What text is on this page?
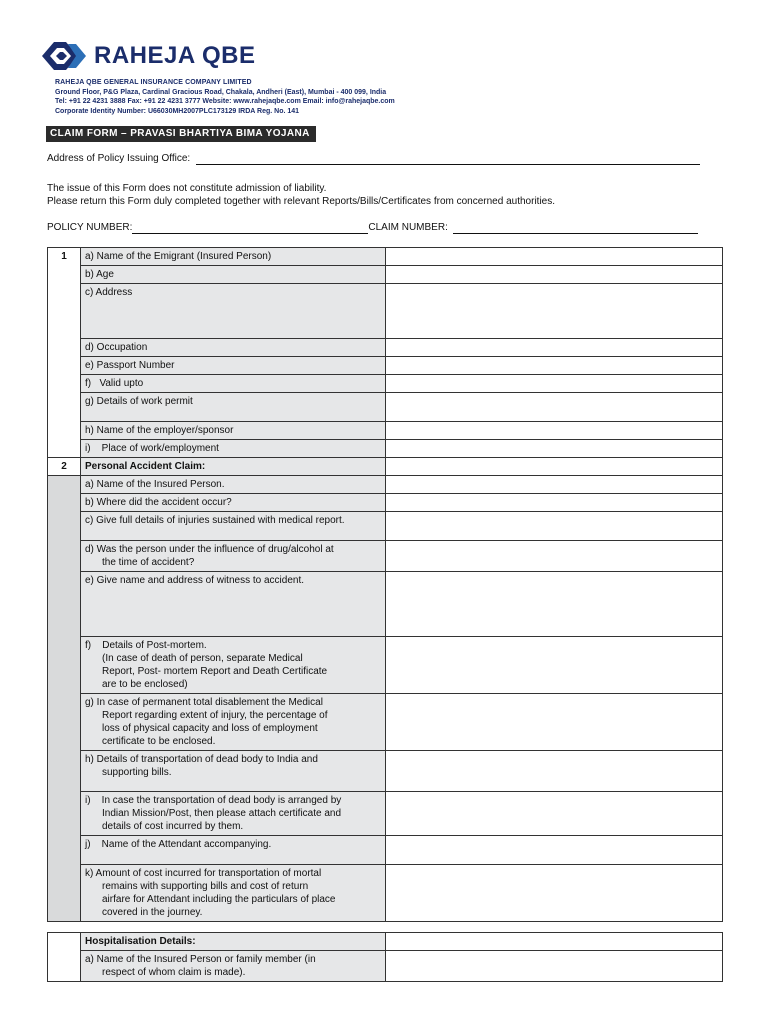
RAHEJA QBE
RAHEJA QBE GENERAL INSURANCE COMPANY LIMITED
Ground Floor, P&G Plaza, Cardinal Gracious Road, Chakala, Andheri (East), Mumbai - 400 099, India
Tel: +91 22 4231 3888 Fax: +91 22 4231 3777 Website: www.rahejaqbe.com Email: info@rahejaqbe.com
Corporate Identity Number: U66030MH2007PLC173129 IRDA Reg. No. 141
CLAIM FORM – PRAVASI BHARTIYA BIMA YOJANA
Address of Policy Issuing Office:
The issue of this Form does not constitute admission of liability.
Please return this Form duly completed together with relevant Reports/Bills/Certificates from concerned authorities.
POLICY NUMBER:	CLAIM NUMBER:
1	a) Name of the Emigrant (Insured Person)	
	b) Age	
	c) Address	
	d) Occupation	
	e) Passport Number	
	f)   Valid upto	
	g) Details of work permit	
	h) Name of the employer/sponsor	
	i)    Place of work/employment	
2	Personal Accident Claim:	
	a) Name of the Insured Person.	
	b) Where did the accident occur?	
	c) Give full details of injuries sustained with medical report.	

	d) Was the person under the influence of drug/alcohol at
the time of accident?	

	e) Give name and address of witness to accident.	

	f)    Details of Post-mortem.
(In case of death of person, separate Medical
Report, Post- mortem Report and Death Certificate
are to be enclosed)	

	g) In case of permanent total disablement the Medical
Report regarding extent of injury, the percentage of
loss of physical capacity and loss of employment
certificate to be enclosed.	

	h) Details of transportation of dead body to India and
supporting bills.	

	i)    In case the transportation of dead body is arranged by
Indian Mission/Post, then please attach certificate and
details of cost incurred by them.	

	j)    Name of the Attendant accompanying.	

	k) Amount of cost incurred for transportation of mortal
remains with supporting bills and cost of return
airfare for Attendant including the particulars of place
covered in the journey.	

	Hospitalisation Details:	

	a) Name of the Insured Person or family member (in
respect of whom claim is made).	
